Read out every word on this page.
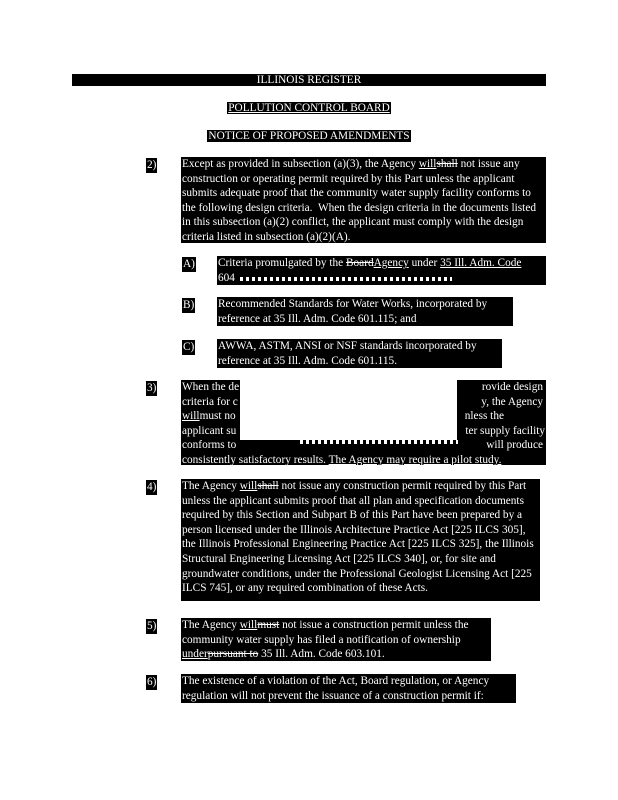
ILLINOIS REGISTER
POLLUTION CONTROL BOARD
NOTICE OF PROPOSED AMENDMENTS
2) Except as provided in subsection (a)(3), the Agency willshall not issue any construction or operating permit required by this Part unless the applicant submits adequate proof that the community water supply facility conforms to the following design criteria.  When the design criteria in the documents listed in this subsection (a)(2) conflict, the applicant must comply with the design criteria listed in subsection (a)(2)(A).
A) Criteria promulgated by the BoardAgency under 35 Ill. Adm. Code
604
B) Recommended Standards for Water Works, incorporated by reference at 35 Ill. Adm. Code 601.115; and
C) AWWA, ASTM, ANSI or NSF standards incorporated by reference at 35 Ill. Adm. Code 601.115.
3) When the de	rovide design
criteria for c	y, the Agency
willmust no	nless the
applicant su	ter supply facility
conforms to	will produce
consistently satisfactory results. The Agency may require a pilot study.
4) The Agency willshall not issue any construction permit required by this Part unless the applicant submits proof that all plan and specification documents required by this Section and Subpart B of this Part have been prepared by a person licensed under the Illinois Architecture Practice Act [225 ILCS 305], the Illinois Professional Engineering Practice Act [225 ILCS 325], the Illinois Structural Engineering Licensing Act [225 ILCS 340], or, for site and groundwater conditions, under the Professional Geologist Licensing Act [225 ILCS 745], or any required combination of these Acts.
5) The Agency willmust not issue a construction permit unless the community water supply has filed a notification of ownership underpursuant to 35 Ill. Adm. Code 603.101.
6) The existence of a violation of the Act, Board regulation, or Agency regulation will not prevent the issuance of a construction permit if:
